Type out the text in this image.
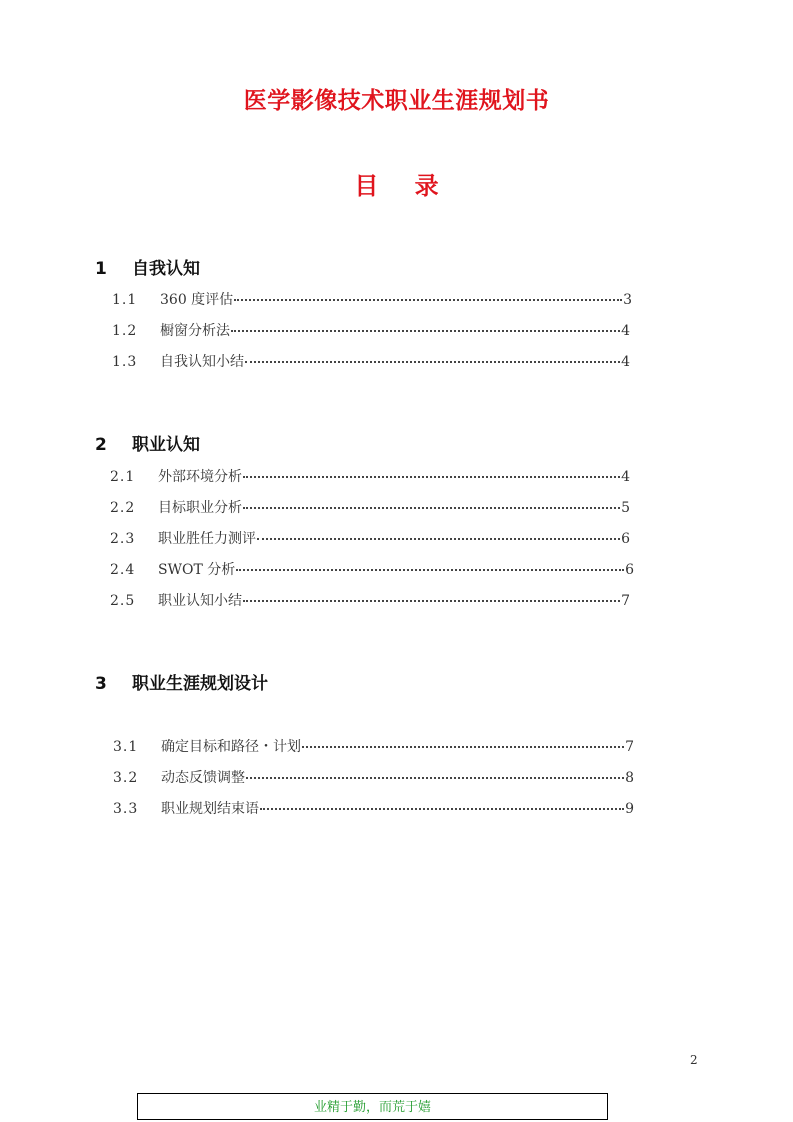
医学影像技术职业生涯规划书
目 录
1 自我认知
1.1	360 度评估	3
1.2	橱窗分析法	4
1.3	自我认知小结	4
2 职业认知
2.1	外部环境分析	4
2.2	目标职业分析	5
2.3	职业胜任力测评	6
2.4	SWOT 分析	6
2.5	职业认知小结	7
3 职业生涯规划设计
3.1	确定目标和路径・计划	7
3.2	动态反馈调整	8
3.3	职业规划结束语	9
2
业精于勤，而荒于嬉
